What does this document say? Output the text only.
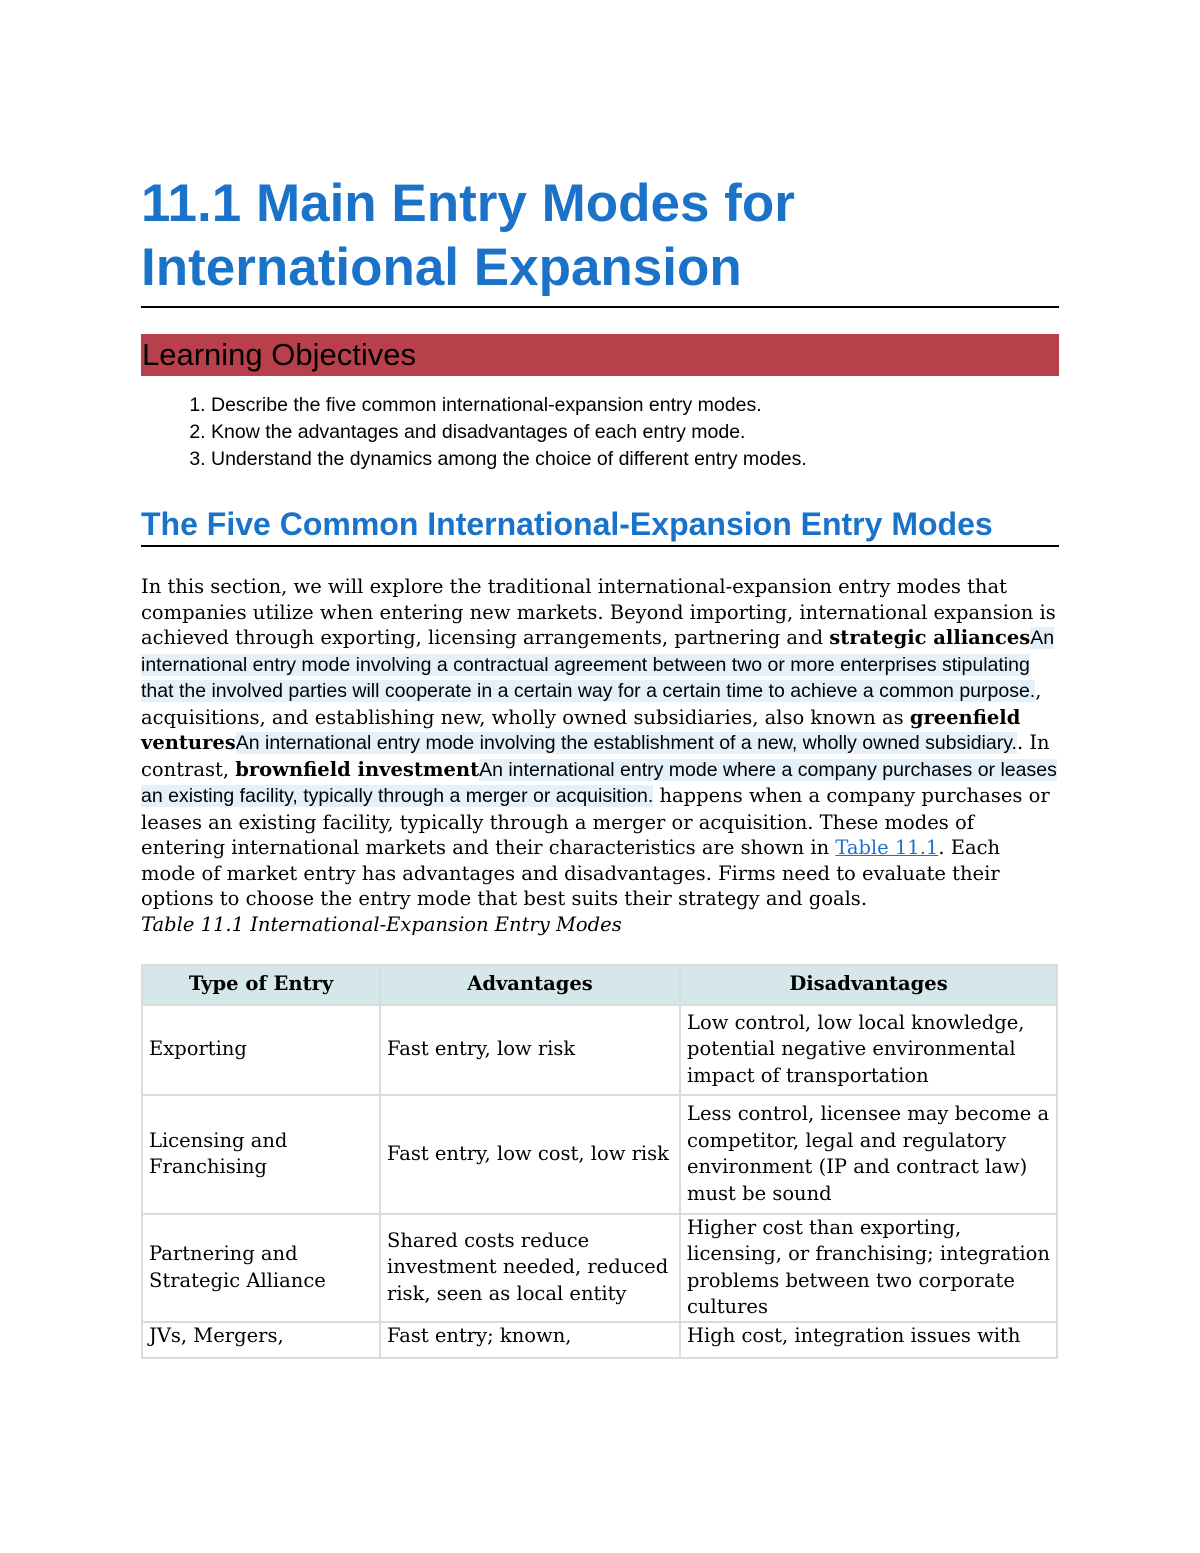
11.1 Main Entry Modes for International Expansion
Learning Objectives
1. Describe the five common international-expansion entry modes.
2. Know the advantages and disadvantages of each entry mode.
3. Understand the dynamics among the choice of different entry modes.
The Five Common International-Expansion Entry Modes

In this section, we will explore the traditional international-expansion entry modes that companies utilize when entering new markets. Beyond importing, international expansion is achieved through exporting, licensing arrangements, partnering and strategic alliancesAn international entry mode involving a contractual agreement between two or more enterprises stipulating that the involved parties will cooperate in a certain way for a certain time to achieve a common purpose., acquisitions, and establishing new, wholly owned subsidiaries, also known as greenfield venturesAn international entry mode involving the establishment of a new, wholly owned subsidiary.. In contrast, brownfield investmentAn international entry mode where a company purchases or leases an existing facility, typically through a merger or acquisition. happens when a company purchases or leases an existing facility, typically through a merger or acquisition. These modes of entering international markets and their characteristics are shown in Table 11.1. Each mode of market entry has advantages and disadvantages. Firms need to evaluate their options to choose the entry mode that best suits their strategy and goals.

Table 11.1 International-Expansion Entry Modes

Type of Entry	Advantages	Disadvantages
Exporting	Fast entry, low risk	Low control, low local knowledge, potential negative environmental impact of transportation
Licensing and Franchising	Fast entry, low cost, low risk	Less control, licensee may become a competitor, legal and regulatory environment (IP and contract law) must be sound
Partnering and Strategic Alliance	Shared costs reduce investment needed, reduced risk, seen as local entity	Higher cost than exporting, licensing, or franchising; integration problems between two corporate cultures
JVs, Mergers,	Fast entry; known,	High cost, integration issues with
